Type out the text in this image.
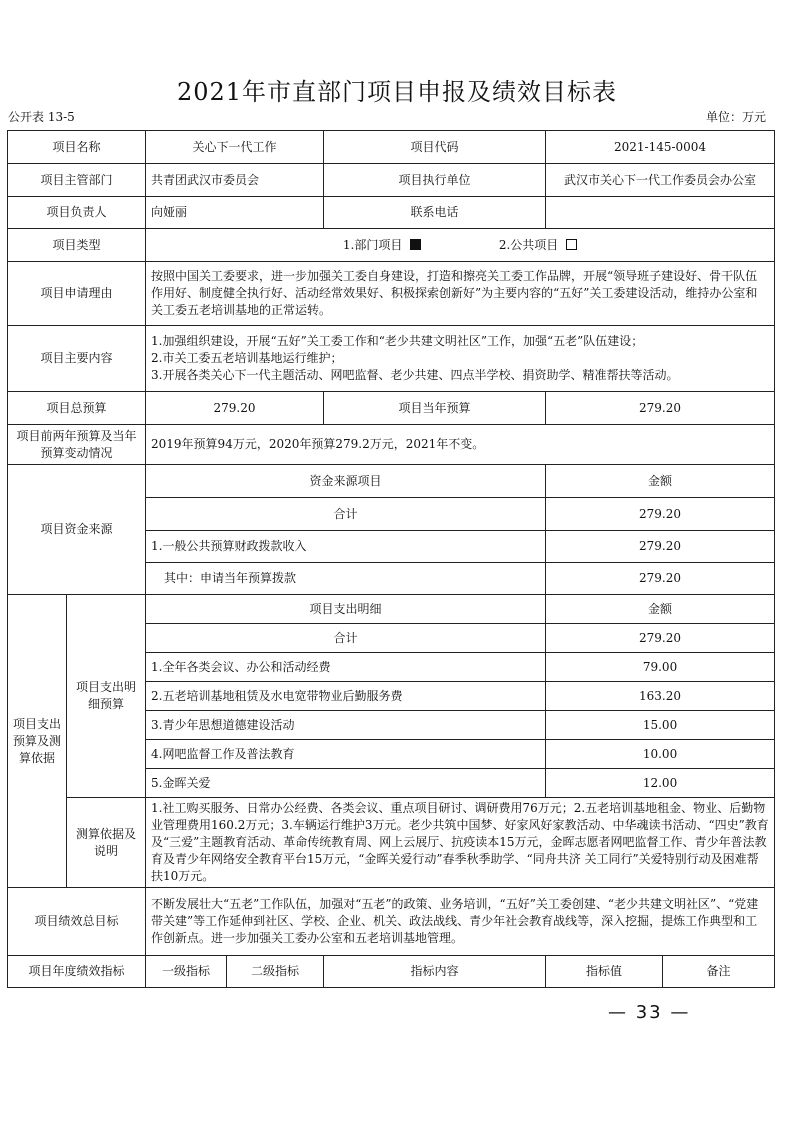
2021年市直部门项目申报及绩效目标表
公开表 13-5	单位：万元
项目名称		关心下一代工作		项目代码	2021-145-0004	
项目主管部门		共青团武汉市委员会		项目执行单位	武汉市关心下一代工作委员会办公室	
项目负责人		向娅丽		联系电话		
项目类型		1.部门项目 2.公共项目				
项目申请理由		按照中国关工委要求，进一步加强关工委自身建设，打造和擦亮关工委工作品牌，开展“领导班子建设好、骨干队伍作用好、制度健全执行好、活动经常效果好、积极探索创新好”为主要内容的“五好”关工委建设活动，维持办公室和关工委五老培训基地的正常运转。				
项目主要内容		1.加强组织建设，开展“五好”关工委工作和“老少共建文明社区”工作，加强“五老”队伍建设；
2.市关工委五老培训基地运行维护；
3.开展各类关心下一代主题活动、网吧监督、老少共建、四点半学校、捐资助学、精准帮扶等活动。				

项目总预算		279.20		项目当年预算	279.20	
项目前两年预算及当年预算变动情况		2019年预算94万元，2020年预算279.2万元，2021年不变。				
项目资金来源		资金来源项目			金额	
		合计			279.20	
		1.一般公共预算财政拨款收入			279.20	
		其中：申请当年预算拨款			279.20	
项目支出预算及测算依据	项目支出明细预算	项目支出明细			金额	
		合计			279.20	
		1.全年各类会议、办公和活动经费			79.00	
		2.五老培训基地租赁及水电宽带物业后勤服务费			163.20	
		3.青少年思想道德建设活动			15.00	
		4.网吧监督工作及普法教育			10.00	
		5.金晖关爱			12.00	
	测算依据及说明	1.社工购买服务、日常办公经费、各类会议、重点项目研讨、调研费用76万元；2.五老培训基地租金、物业、后勤物业管理费用160.2万元；3.车辆运行维护3万元。老少共筑中国梦、好家风好家教活动、中华魂读书活动、“四史”教育及“三爱”主题教育活动、革命传统教育周、网上云展厅、抗疫读本15万元，金晖志愿者网吧监督工作、青少年普法教育及青少年网络安全教育平台15万元，“金晖关爱行动”春季秋季助学、“同舟共济 关工同行”关爱特别行动及困难帮扶10万元。				
项目绩效总目标		不断发展壮大“五老”工作队伍，加强对“五老”的政策、业务培训，“五好”关工委创建、“老少共建文明社区”、“党建带关建”等工作延伸到社区、学校、企业、机关、政法战线、青少年社会教育战线等，深入挖掘，提炼工作典型和工作创新点。进一步加强关工委办公室和五老培训基地管理。				
项目年度绩效指标		一级指标	二级指标	指标内容	指标值	备注
— 33 —
